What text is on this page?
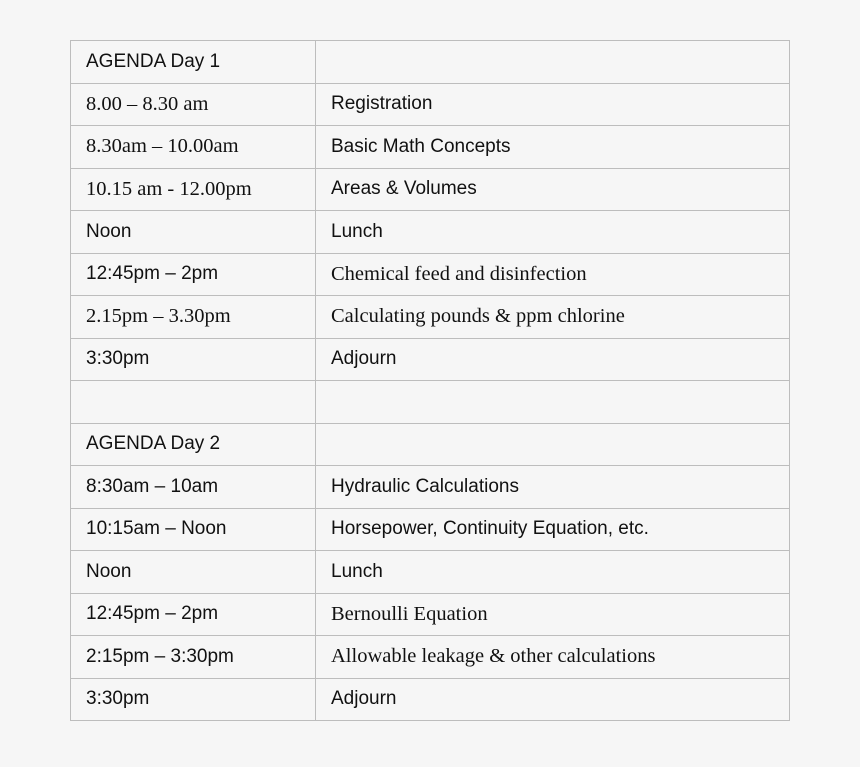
AGENDA Day 1	
8.00 – 8.30 am	Registration
8.30am – 10.00am	Basic Math Concepts
10.15 am - 12.00pm	Areas & Volumes
Noon	Lunch
12:45pm – 2pm	Chemical feed and disinfection
2.15pm – 3.30pm	Calculating pounds & ppm chlorine
3:30pm	Adjourn

AGENDA Day 2	
8:30am – 10am	Hydraulic Calculations
10:15am – Noon	Horsepower, Continuity Equation, etc.
Noon	Lunch
12:45pm – 2pm	Bernoulli Equation
2:15pm – 3:30pm	Allowable leakage & other calculations
3:30pm	Adjourn
